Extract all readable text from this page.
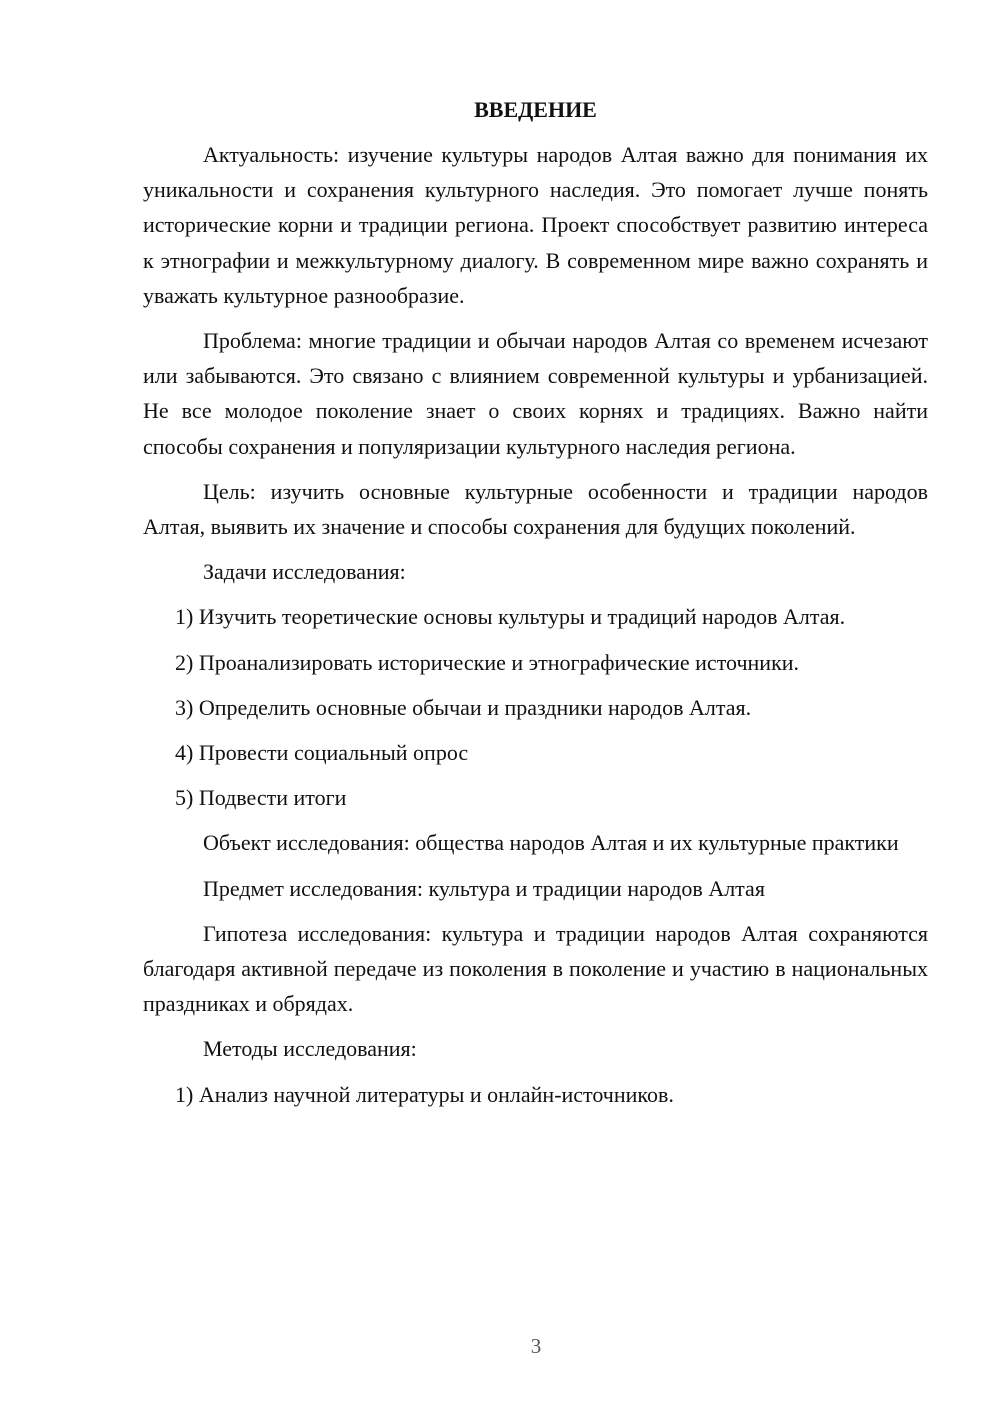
ВВЕДЕНИЕ

Актуальность: изучение культуры народов Алтая важно для понимания их уникальности и сохранения культурного наследия. Это помогает лучше понять исторические корни и традиции региона. Проект способствует развитию интереса к этнографии и межкультурному диалогу. В современном мире важно сохранять и уважать культурное разнообразие.

Проблема: многие традиции и обычаи народов Алтая со временем исчезают или забываются. Это связано с влиянием современной культуры и урбанизацией. Не все молодое поколение знает о своих корнях и традициях. Важно найти способы сохранения и популяризации культурного наследия региона.

Цель: изучить основные культурные особенности и традиции народов Алтая, выявить их значение и способы сохранения для будущих поколений.

Задачи исследования:

1) Изучить теоретические основы культуры и традиций народов Алтая.

2) Проанализировать исторические и этнографические источники.

3) Определить основные обычаи и праздники народов Алтая.

4) Провести социальный опрос

5) Подвести итоги

Объект исследования: общества народов Алтая и их культурные практики

Предмет исследования: культура и традиции народов Алтая

Гипотеза исследования: культура и традиции народов Алтая сохраняются благодаря активной передаче из поколения в поколение и участию в национальных праздниках и обрядах.

Методы исследования:

1) Анализ научной литературы и онлайн-источников.

3
